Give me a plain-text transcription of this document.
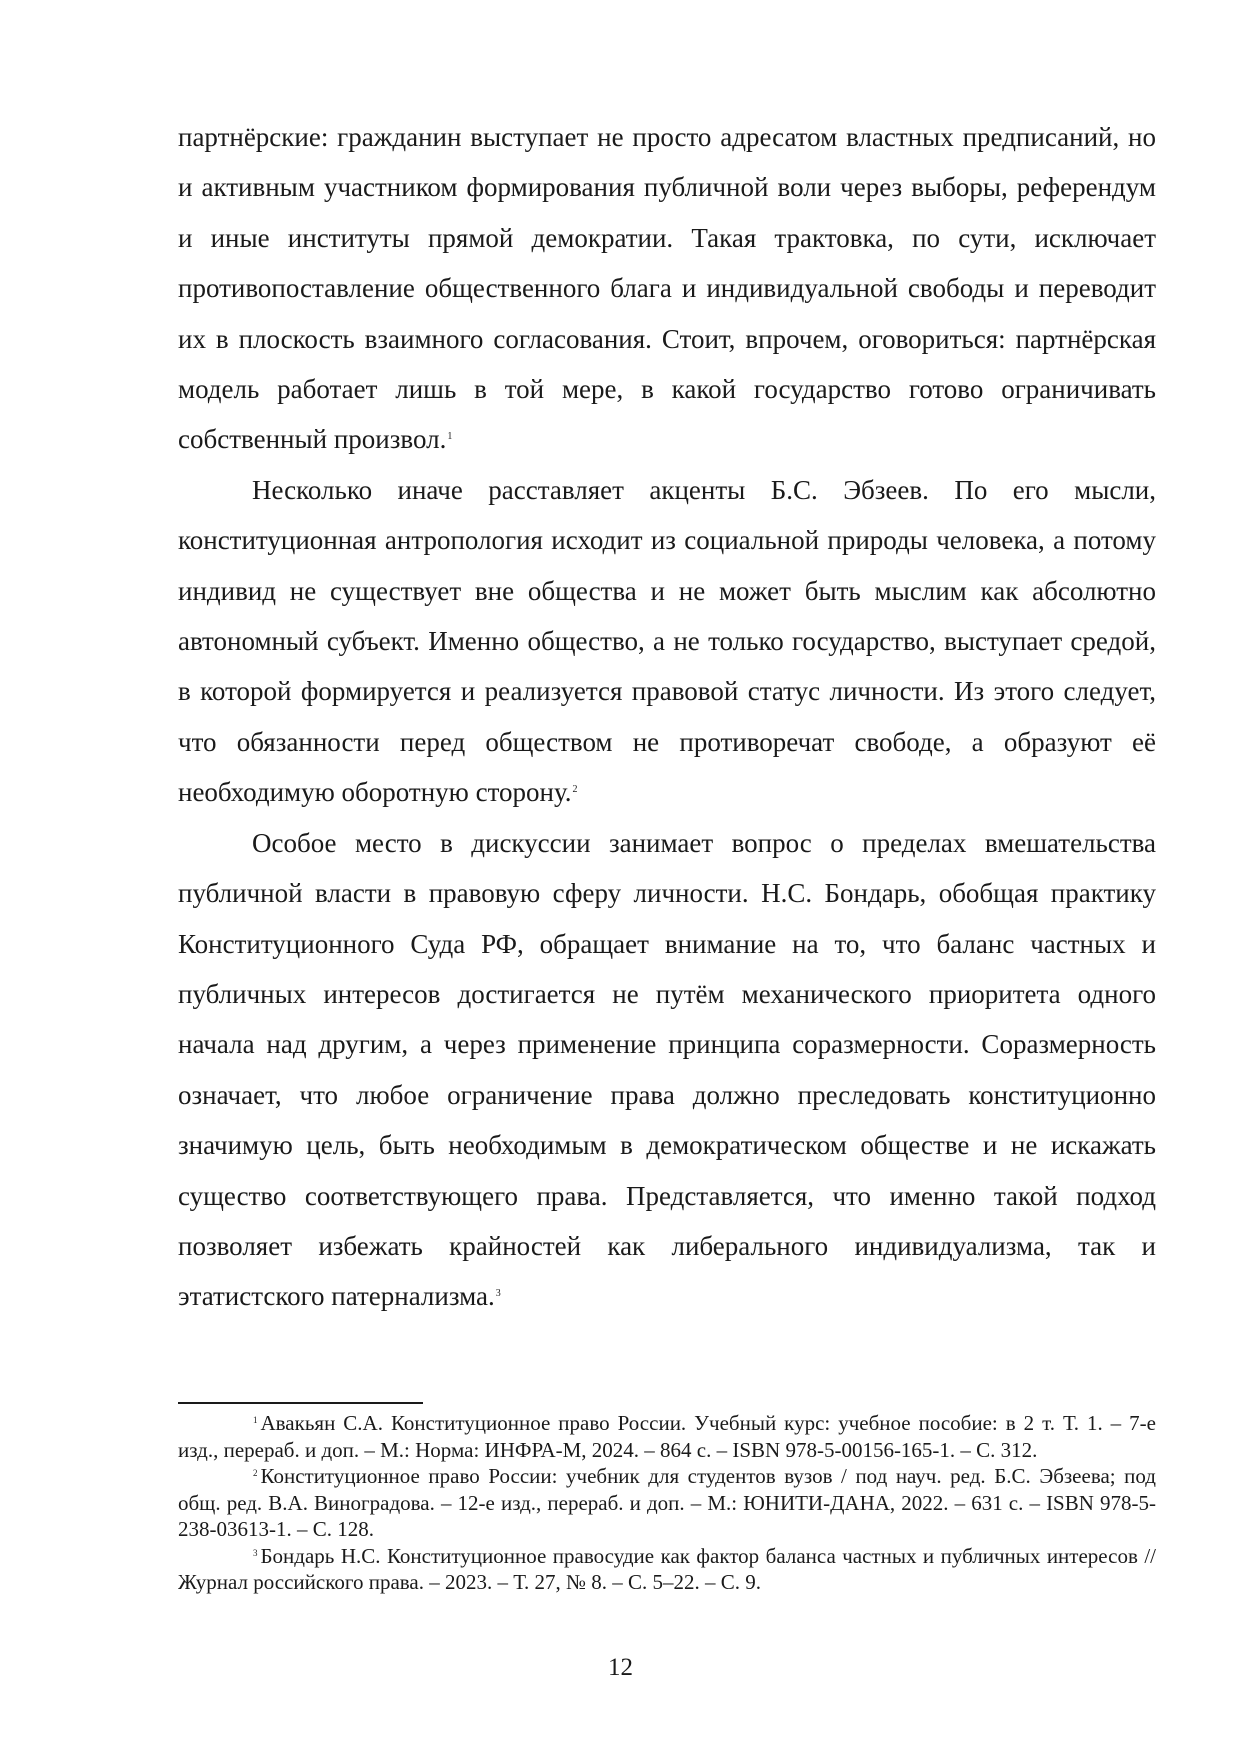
партнёрские: гражданин выступает не просто адресатом властных предписаний, но и активным участником формирования публичной воли через выборы, референдум и иные институты прямой демократии. Такая трактовка, по сути, исключает противопоставление общественного блага и индивидуальной свободы и переводит их в плоскость взаимного согласования. Стоит, впрочем, оговориться: партнёрская модель работает лишь в той мере, в какой государство готово ограничивать собственный произвол.$^1$

Несколько иначе расставляет акценты Б.С. Эбзеев. По его мысли, конституционная антропология исходит из социальной природы человека, а потому индивид не существует вне общества и не может быть мыслим как абсолютно автономный субъект. Именно общество, а не только государство, выступает средой, в которой формируется и реализуется правовой статус личности. Из этого следует, что обязанности перед обществом не противоречат свободе, а образуют её необходимую оборотную сторону.$^2$

Особое место в дискуссии занимает вопрос о пределах вмешательства публичной власти в правовую сферу личности. Н.С. Бондарь, обобщая практику Конституционного Суда РФ, обращает внимание на то, что баланс частных и публичных интересов достигается не путём механического приоритета одного начала над другим, а через применение принципа соразмерности. Соразмерность означает, что любое ограничение права должно преследовать конституционно значимую цель, быть необходимым в демократическом обществе и не искажать существо соответствующего права. Представляется, что именно такой подход позволяет избежать крайностей как либерального индивидуализма, так и этатистского патернализма.$^3$

$^1$ Авакьян С.А. Конституционное право России. Учебный курс: учебное пособие: в 2 т. Т. 1. – 7-е изд., перераб. и доп. – М.: Норма: ИНФРА-М, 2024. – 864 с. – ISBN 978-5-00156-165-1. – С. 312.

$^2$ Конституционное право России: учебник для студентов вузов / под науч. ред. Б.С. Эбзеева; под общ. ред. В.А. Виноградова. – 12-е изд., перераб. и доп. – М.: ЮНИТИ-ДАНА, 2022. – 631 с. – ISBN 978-5-238-03613-1. – С. 128.

$^3$ Бондарь Н.С. Конституционное правосудие как фактор баланса частных и публичных интересов // Журнал российского права. – 2023. – Т. 27, № 8. – С. 5–22. – С. 9.

12
